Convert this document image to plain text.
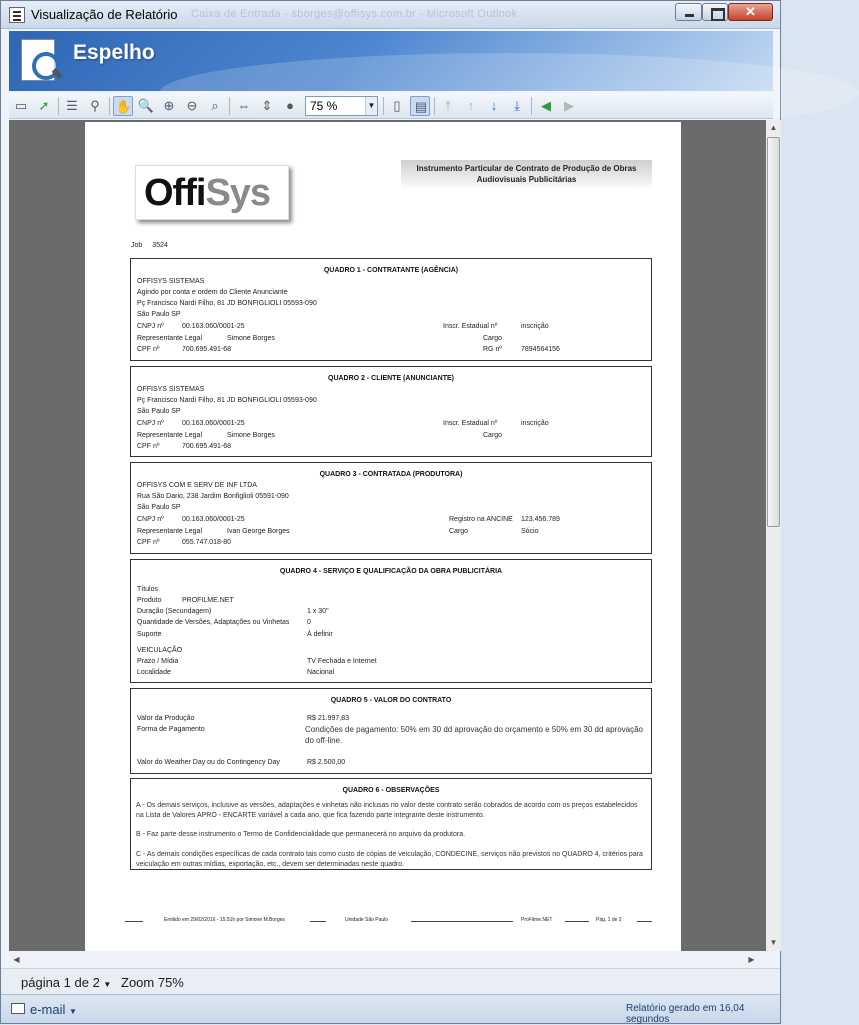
Visualização de Relatório Caixa de Entrada - sborges@offisys.com.br - Microsoft Outlook	✕
Espelho
▭ ➚	☰ ⚲	✋ 🔍 ⊕ ⊖	⌕	⇔ ⇕	●	75 %	▼	▯	▤	⤒	↑	↓	⤓	◀	▶
OffiSys
Instrumento Particular de Contrato de Produção de Obras
Audiovisuais Publicitárias
Job 3524
QUADRO 1 - CONTRATANTE (AGÊNCIA)
OFFISYS SISTEMAS
Agindo por conta e ordem do Cliente Anunciante
Pç Francisco Nardi Filho, 81 JD BONFIGLIOLI 05593-090
São Paulo SP
CNPJ nº	00.163.060/0001-25	Inscr. Estadual nº	inscrição
Representante Legal	Simone Borges	Cargo
CPF nº	700.695.491-68	RG nº	7894564156
QUADRO 2 - CLIENTE (ANUNCIANTE)
OFFISYS SISTEMAS
Pç Francisco Nardi Filho, 81 JD BONFIGLIOLI 05593-090
São Paulo SP
CNPJ nº	00.163.060/0001-25	Inscr. Estadual nº	inscrição
Representante Legal	Simone Borges	Cargo
CPF nº	700.695.491-68
QUADRO 3 - CONTRATADA (PRODUTORA)
OFFISYS COM E SERV DE INF LTDA
Rua São Dario, 238 Jardim Bonfiglioli 05591-090
São Paulo SP
CNPJ nº	00.163.060/0001-25	Registro na ANCINE 123.456.789
Representante Legal	Ivan George Borges	Cargo	Sócio
CPF nº	055.747.018-80
QUADRO 4 - SERVIÇO E QUALIFICAÇÃO DA OBRA PUBLICITÁRIA
Títulos
Produto	PROFILME.NET
Duração (Secundagem)	1 x 30"
Quantidade de Versões, Adaptações ou Vinhetas	0
Suporte	À definir
VEICULAÇÃO
Prazo / Mídia	TV Fechada e Internet
Localidade	Nacional
QUADRO 5 - VALOR DO CONTRATO
Valor da Produção	R$ 21.997,83
Forma de Pagamento	Condições de pagamento: 50% em 30 dd aprovação do orçamento e 50% em 30 dd aprovação do off-line.
Valor do Weather Day ou do Contingency Day	R$ 2.500,00
QUADRO 6 - OBSERVAÇÕES
A - Os demais serviços, inclusive as versões, adaptações e vinhetas não inclusas no valor deste contrato serão cobrados de acordo com os preços estabelecidos na Lista de Valores APRO - ENCARTE variável a cada ano, que fica fazendo parte integrante deste instrumento.
B - Faz parte desse instrumento o Termo de Confidencialidade que permanecerá no arquivo da produtora.
C - As demais condições específicas de cada contrato tais como custo de cópias de veiculação, CONDECINE, serviços não previstos no QUADRO 4, critérios para veiculação em outras mídias, exportação, etc., devem ser determinadas neste quadro.
Emitido em 29/02/2016 - 15:51h por Simone M.Borges	Unidade São Paulo	ProFilme.NET	Pág. 1 de 2
▲
▼
◀	▶
página 1 de 2 ▼ Zoom 75%
e-mail ▼	Relatório gerado em 16,04 segundos
